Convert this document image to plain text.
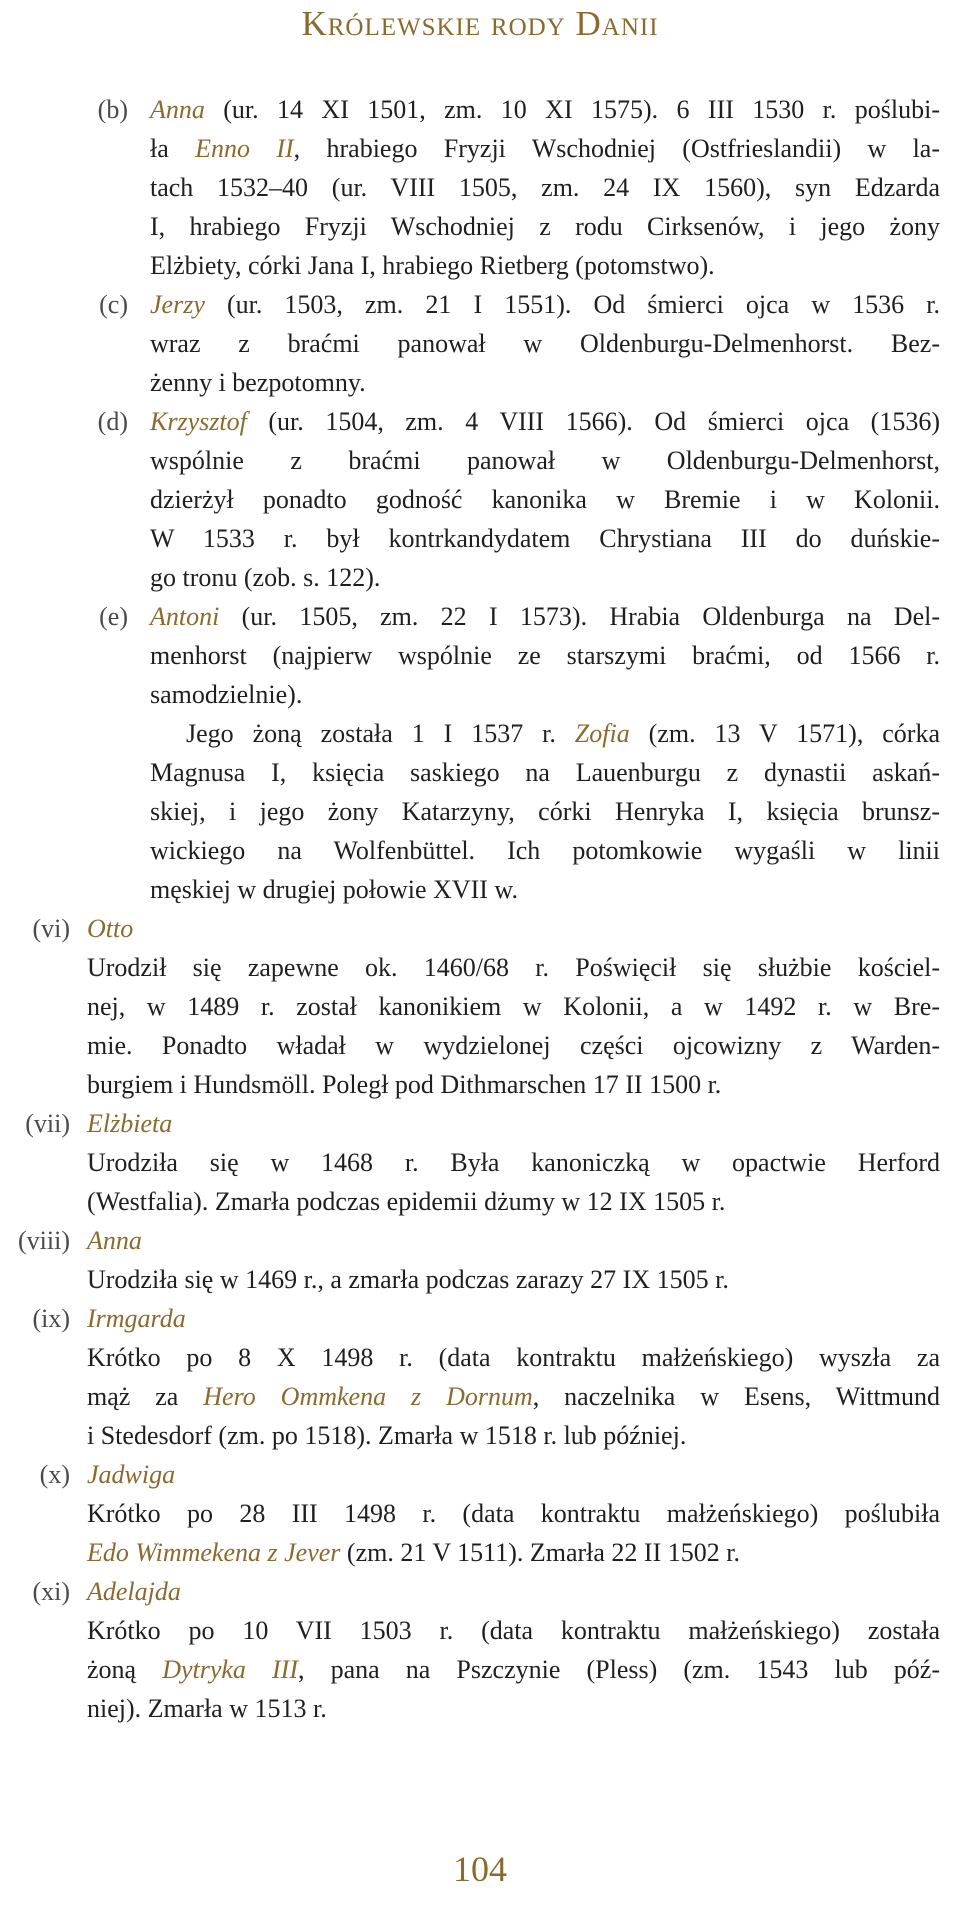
Królewskie rody Danii
(b) Anna (ur. 14 XI 1501, zm. 10 XI 1575). 6 III 1530 r. poślubi-
ła Enno II, hrabiego Fryzji Wschodniej (Ostfrieslandii) w la-
tach 1532–40 (ur. VIII 1505, zm. 24 IX 1560), syn Edzarda
I, hrabiego Fryzji Wschodniej z rodu Cirksenów, i jego żony
Elżbiety, córki Jana I, hrabiego Rietberg (potomstwo).
(c) Jerzy (ur. 1503, zm. 21 I 1551). Od śmierci ojca w 1536 r.
wraz z braćmi panował w Oldenburgu-Delmenhorst. Bez-
żenny i bezpotomny.
(d) Krzysztof (ur. 1504, zm. 4 VIII 1566). Od śmierci ojca (1536)
wspólnie z braćmi panował w Oldenburgu-Delmenhorst,
dzierżył ponadto godność kanonika w Bremie i w Kolonii.
W 1533 r. był kontrkandydatem Chrystiana III do duńskie-
go tronu (zob. s. 122).
(e) Antoni (ur. 1505, zm. 22 I 1573). Hrabia Oldenburga na Del-
menhorst (najpierw wspólnie ze starszymi braćmi, od 1566 r.
samodzielnie).
Jego żoną została 1 I 1537 r. Zofia (zm. 13 V 1571), córka
Magnusa I, księcia saskiego na Lauenburgu z dynastii askań-
skiej, i jego żony Katarzyny, córki Henryka I, księcia brunsz-
wickiego na Wolfenbüttel. Ich potomkowie wygaśli w linii
męskiej w drugiej połowie XVII w.
(vi) Otto
Urodził się zapewne ok. 1460/68 r. Poświęcił się służbie kościel-
nej, w 1489 r. został kanonikiem w Kolonii, a w 1492 r. w Bre-
mie. Ponadto władał w wydzielonej części ojcowizny z Warden-
burgiem i Hundsmöll. Poległ pod Dithmarschen 17 II 1500 r.
(vii) Elżbieta
Urodziła się w 1468 r. Była kanoniczką w opactwie Herford
(Westfalia). Zmarła podczas epidemii dżumy w 12 IX 1505 r.
(viii) Anna
Urodziła się w 1469 r., a zmarła podczas zarazy 27 IX 1505 r.
(ix) Irmgarda
Krótko po 8 X 1498 r. (data kontraktu małżeńskiego) wyszła za
mąż za Hero Ommkena z Dornum, naczelnika w Esens, Wittmund
i Stedesdorf (zm. po 1518). Zmarła w 1518 r. lub później.
(x) Jadwiga
Krótko po 28 III 1498 r. (data kontraktu małżeńskiego) poślubiła
Edo Wimmekena z Jever (zm. 21 V 1511). Zmarła 22 II 1502 r.
(xi) Adelajda
Krótko po 10 VII 1503 r. (data kontraktu małżeńskiego) została
żoną Dytryka III, pana na Pszczynie (Pless) (zm. 1543 lub póź-
niej). Zmarła w 1513 r.
104
